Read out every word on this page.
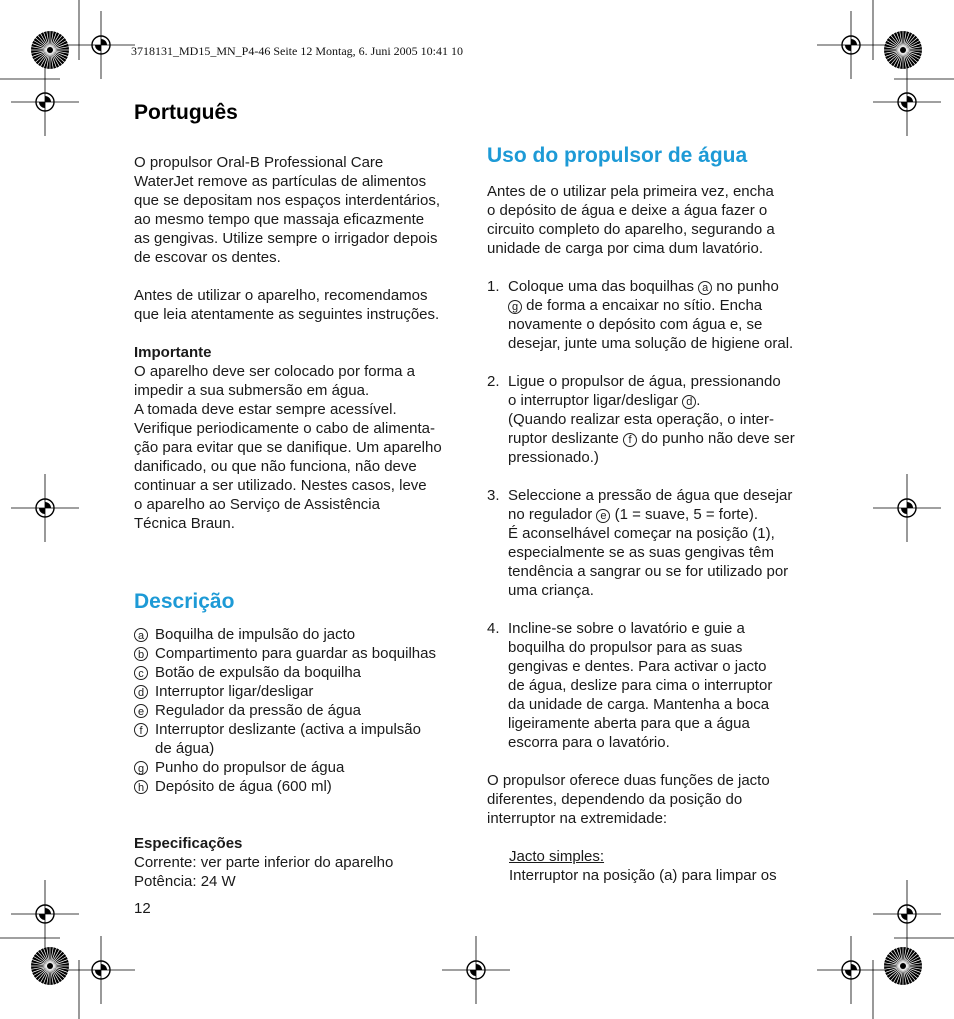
3718131_MD15_MN_P4-46 Seite 12 Montag, 6. Juni 2005 10:41 10
Português

O propulsor Oral-B Professional Care

WaterJet remove as partículas de alimentos

que se depositam nos espaços interdentários,

ao mesmo tempo que massaja eficazmente

as gengivas. Utilize sempre o irrigador depois

de escovar os dentes.

Antes de utilizar o aparelho, recomendamos

que leia atentamente as seguintes instruções.

Importante

O aparelho deve ser colocado por forma a

impedir a sua submersão em água.

A tomada deve estar sempre acessível.

Verifique periodicamente o cabo de alimenta-

ção para evitar que se danifique. Um aparelho

danificado, ou que não funciona, não deve

continuar a ser utilizado. Nestes casos, leve

o aparelho ao Serviço de Assistência

Técnica Braun.

Descrição
a Boquilha de impulsão do jacto
b Compartimento para guardar as boquilhas
c Botão de expulsão da boquilha
d Interruptor ligar/desligar
e Regulador da pressão de água
f Interruptor deslizante (activa a impulsão
de água)
g Punho do propulsor de água
h Depósito de água (600 ml)

Especificações

Corrente: ver parte inferior do aparelho

Potência: 24 W

Uso do propulsor de água

Antes de o utilizar pela primeira vez, encha

o depósito de água e deixe a água fazer o

circuito completo do aparelho, segurando a

unidade de carga por cima dum lavatório.

1. Coloque uma das boquilhas a no punho
g de forma a encaixar no sítio. Encha
novamente o depósito com água e, se
desejar, junte uma solução de higiene oral.
2. Ligue o propulsor de água, pressionando
o interruptor ligar/desligar d .
(Quando realizar esta operação, o inter-
ruptor deslizante f do punho não deve ser
pressionado.)
3. Seleccione a pressão de água que desejar
no regulador e (1 = suave, 5 = forte).
É aconselhável começar na posição (1),
especialmente se as suas gengivas têm
tendência a sangrar ou se for utilizado por
uma criança.
4. Incline-se sobre o lavatório e guie a
boquilha do propulsor para as suas
gengivas e dentes. Para activar o jacto
de água, deslize para cima o interruptor
da unidade de carga. Mantenha a boca
ligeiramente aberta para que a água
escorra para o lavatório.

O propulsor oferece duas funções de jacto

diferentes, dependendo da posição do

interruptor na extremidade:

Jacto simples:

Interruptor na posição (a) para limpar os

12
